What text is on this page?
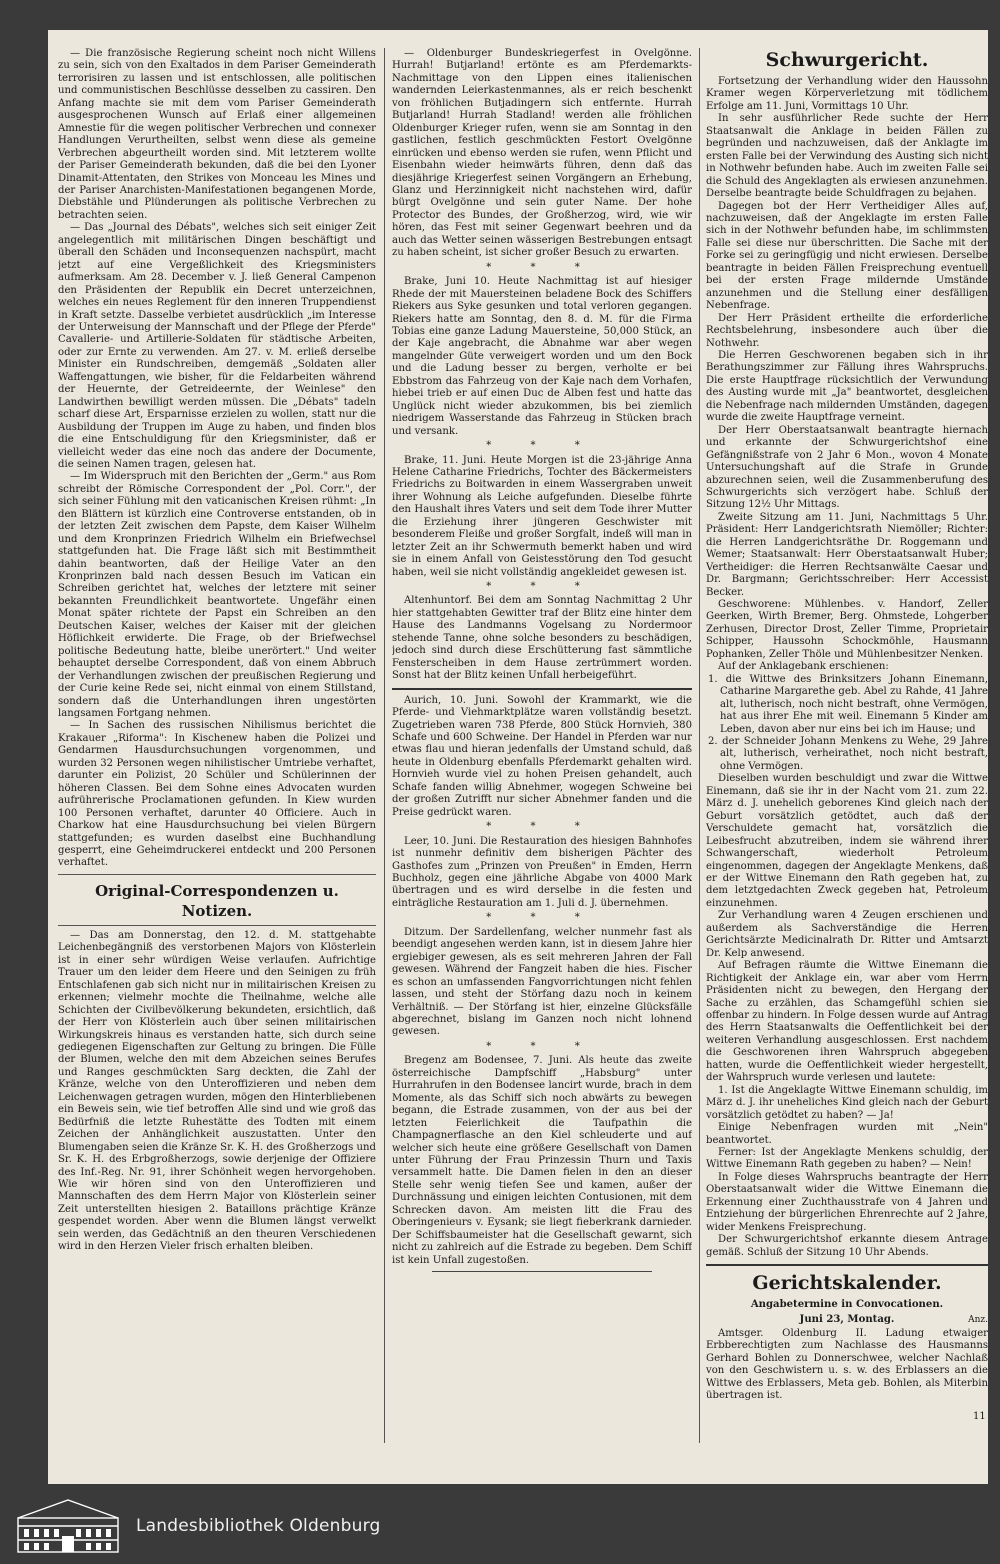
— Die französische Regierung scheint noch nicht Willens zu sein, sich von den Exaltados in dem Pariser Gemeinderath terrorisiren zu lassen und ist entschlossen, alle politischen und communistischen Beschlüsse desselben zu cassiren. Den Anfang machte sie mit dem vom Pariser Gemeinderath ausgesprochenen Wunsch auf Erlaß einer allgemeinen Amnestie für die wegen politischer Verbrechen und connexer Handlungen Verurtheilten, selbst wenn diese als gemeine Verbrechen abgeurtheilt worden sind. Mit letzterem wollte der Pariser Gemeinderath bekunden, daß die bei den Lyoner Dinamit-Attentaten, den Strikes von Monceau les Mines und der Pariser Anarchisten-Manifestationen begangenen Morde, Diebstähle und Plünderungen als politische Verbrechen zu betrachten seien.

— Das „Journal des Débats", welches sich seit einiger Zeit angelegentlich mit militärischen Dingen beschäftigt und überall den Schäden und Inconsequenzen nachspürt, macht jetzt auf eine Vergeßlichkeit des Kriegsministers aufmerksam. Am 28. December v. J. ließ General Campenon den Präsidenten der Republik ein Decret unterzeichnen, welches ein neues Reglement für den inneren Truppendienst in Kraft setzte. Dasselbe verbietet ausdrücklich „im Interesse der Unterweisung der Mannschaft und der Pflege der Pferde" Cavallerie- und Artillerie-Soldaten für städtische Arbeiten, oder zur Ernte zu verwenden. Am 27. v. M. erließ derselbe Minister ein Rundschreiben, demgemäß „Soldaten aller Waffengattungen, wie bisher, für die Feldarbeiten während der Heuernte, der Getreideernte, der Weinlese" den Landwirthen bewilligt werden müssen. Die „Débats" tadeln scharf diese Art, Ersparnisse erzielen zu wollen, statt nur die Ausbildung der Truppen im Auge zu haben, und finden blos die eine Entschuldigung für den Kriegsminister, daß er vielleicht weder das eine noch das andere der Documente, die seinen Namen tragen, gelesen hat.

— Im Widerspruch mit den Berichten der „Germ." aus Rom schreibt der Römische Correspondent der „Pol. Corr.", der sich seiner Fühlung mit den vaticanischen Kreisen rühmt: „In den Blättern ist kürzlich eine Controverse entstanden, ob in der letzten Zeit zwischen dem Papste, dem Kaiser Wilhelm und dem Kronprinzen Friedrich Wilhelm ein Briefwechsel stattgefunden hat. Die Frage läßt sich mit Bestimmtheit dahin beantworten, daß der Heilige Vater an den Kronprinzen bald nach dessen Besuch im Vatican ein Schreiben gerichtet hat, welches der letztere mit seiner bekannten Freundlichkeit beantwortete. Ungefähr einen Monat später richtete der Papst ein Schreiben an den Deutschen Kaiser, welches der Kaiser mit der gleichen Höflichkeit erwiderte. Die Frage, ob der Briefwechsel politische Bedeutung hatte, bleibe unerörtert." Und weiter behauptet derselbe Correspondent, daß von einem Abbruch der Verhandlungen zwischen der preußischen Regierung und der Curie keine Rede sei, nicht einmal von einem Stillstand, sondern daß die Unterhandlungen ihren ungestörten langsamen Fortgang nehmen.

— In Sachen des russischen Nihilismus berichtet die Krakauer „Riforma": In Kischenew haben die Polizei und Gendarmen Hausdurchsuchungen vorgenommen, und wurden 32 Personen wegen nihilistischer Umtriebe verhaftet, darunter ein Polizist, 20 Schüler und Schülerinnen der höheren Classen. Bei dem Sohne eines Advocaten wurden aufrührerische Proclamationen gefunden. In Kiew wurden 100 Personen verhaftet, darunter 40 Officiere. Auch in Charkow hat eine Hausdurchsuchung bei vielen Bürgern stattgefunden; es wurden daselbst eine Buchhandlung gesperrt, eine Geheimdruckerei entdeckt und 200 Personen verhaftet.

Original-Correspondenzen u. Notizen.

— Das am Donnerstag, den 12. d. M. stattgehabte Leichenbegängniß des verstorbenen Majors von Klösterlein ist in einer sehr würdigen Weise verlaufen. Aufrichtige Trauer um den leider dem Heere und den Seinigen zu früh Entschlafenen gab sich nicht nur in militairischen Kreisen zu erkennen; vielmehr mochte die Theilnahme, welche alle Schichten der Civilbevölkerung bekundeten, ersichtlich, daß der Herr von Klösterlein auch über seinen militairischen Wirkungskreis hinaus es verstanden hatte, sich durch seine gediegenen Eigenschaften zur Geltung zu bringen. Die Fülle der Blumen, welche den mit dem Abzeichen seines Berufes und Ranges geschmückten Sarg deckten, die Zahl der Kränze, welche von den Unteroffizieren und neben dem Leichenwagen getragen wurden, mögen den Hinterbliebenen ein Beweis sein, wie tief betroffen Alle sind und wie groß das Bedürfniß die letzte Ruhestätte des Todten mit einem Zeichen der Anhänglichkeit auszustatten. Unter den Blumengaben seien die Kränze Sr. K. H. des Großherzogs und Sr. K. H. des Erbgroßherzogs, sowie derjenige der Offiziere des Inf.-Reg. Nr. 91, ihrer Schönheit wegen hervorgehoben. Wie wir hören sind von den Unteroffizieren und Mannschaften des dem Herrn Major von Klösterlein seiner Zeit unterstellten hiesigen 2. Bataillons prächtige Kränze gespendet worden. Aber wenn die Blumen längst verwelkt sein werden, das Gedächtniß an den theuren Verschiedenen wird in den Herzen Vieler frisch erhalten bleiben.

— Oldenburger Bundeskriegerfest in Ovelgönne. Hurrah! Butjarland! ertönte es am Pferdemarkts-Nachmittage von den Lippen eines italienischen wandernden Leierkastenmannes, als er reich beschenkt von fröhlichen Butjadingern sich entfernte. Hurrah Butjarland! Hurrah Stadland! werden alle fröhlichen Oldenburger Krieger rufen, wenn sie am Sonntag in den gastlichen, festlich geschmückten Festort Ovelgönne einrücken und ebenso werden sie rufen, wenn Pflicht und Eisenbahn wieder heimwärts führen, denn daß das diesjährige Kriegerfest seinen Vorgängern an Erhebung, Glanz und Herzinnigkeit nicht nachstehen wird, dafür bürgt Ovelgönne und sein guter Name. Der hohe Protector des Bundes, der Großherzog, wird, wie wir hören, das Fest mit seiner Gegenwart beehren und da auch das Wetter seinen wässerigen Bestrebungen entsagt zu haben scheint, ist sicher großer Besuch zu erwarten.

* * *

Brake, Juni 10. Heute Nachmittag ist auf hiesiger Rhede der mit Mauersteinen beladene Bock des Schiffers Riekers aus Syke gesunken und total verloren gegangen. Riekers hatte am Sonntag, den 8. d. M. für die Firma Tobias eine ganze Ladung Mauersteine, 50,000 Stück, an der Kaje angebracht, die Abnahme war aber wegen mangelnder Güte verweigert worden und um den Bock und die Ladung besser zu bergen, verholte er bei Ebbstrom das Fahrzeug von der Kaje nach dem Vorhafen, hiebei trieb er auf einen Duc de Alben fest und hatte das Unglück nicht wieder abzukommen, bis bei ziemlich niedrigem Wasserstande das Fahrzeug in Stücken brach und versank.

* * *

Brake, 11. Juni. Heute Morgen ist die 23-jährige Anna Helene Catharine Friedrichs, Tochter des Bäckermeisters Friedrichs zu Boitwarden in einem Wassergraben unweit ihrer Wohnung als Leiche aufgefunden. Dieselbe führte den Haushalt ihres Vaters und seit dem Tode ihrer Mutter die Erziehung ihrer jüngeren Geschwister mit besonderem Fleiße und großer Sorgfalt, indeß will man in letzter Zeit an ihr Schwermuth bemerkt haben und wird sie in einem Anfall von Geistesstörung den Tod gesucht haben, weil sie nicht vollständig angekleidet gewesen ist.

* * *

Altenhuntorf. Bei dem am Sonntag Nachmittag 2 Uhr hier stattgehabten Gewitter traf der Blitz eine hinter dem Hause des Landmanns Vogelsang zu Nordermoor stehende Tanne, ohne solche besonders zu beschädigen, jedoch sind durch diese Erschütterung fast sämmtliche Fensterscheiben in dem Hause zertrümmert worden. Sonst hat der Blitz keinen Unfall herbeigeführt.

Aurich, 10. Juni. Sowohl der Krammarkt, wie die Pferde- und Viehmarktplätze waren vollständig besetzt. Zugetrieben waren 738 Pferde, 800 Stück Hornvieh, 380 Schafe und 600 Schweine. Der Handel in Pferden war nur etwas flau und hieran jedenfalls der Umstand schuld, daß heute in Oldenburg ebenfalls Pferdemarkt gehalten wird. Hornvieh wurde viel zu hohen Preisen gehandelt, auch Schafe fanden willig Abnehmer, wogegen Schweine bei der großen Zutrifft nur sicher Abnehmer fanden und die Preise gedrückt waren.

* * *

Leer, 10. Juni. Die Restauration des hiesigen Bahnhofes ist nunmehr definitiv dem bisherigen Pächter des Gasthofes zum „Prinzen von Preußen" in Emden, Herrn Buchholz, gegen eine jährliche Abgabe von 4000 Mark übertragen und es wird derselbe in die festen und einträgliche Restauration am 1. Juli d. J. übernehmen.

* * *

Ditzum. Der Sardellenfang, welcher nunmehr fast als beendigt angesehen werden kann, ist in diesem Jahre hier ergiebiger gewesen, als es seit mehreren Jahren der Fall gewesen. Während der Fangzeit haben die hies. Fischer es schon an umfassenden Fangvorrichtungen nicht fehlen lassen, und steht der Störfang dazu noch in keinem Verhältniß. — Der Störfang ist hier, einzelne Glücksfälle abgerechnet, bislang im Ganzen noch nicht lohnend gewesen.

* * *

Bregenz am Bodensee, 7. Juni. Als heute das zweite österreichische Dampfschiff „Habsburg" unter Hurrahrufen in den Bodensee lancirt wurde, brach in dem Momente, als das Schiff sich noch abwärts zu bewegen begann, die Estrade zusammen, von der aus bei der letzten Feierlichkeit die Taufpathin die Champagnerflasche an den Kiel schleuderte und auf welcher sich heute eine größere Gesellschaft von Damen unter Führung der Frau Prinzessin Thurn und Taxis versammelt hatte. Die Damen fielen in den an dieser Stelle sehr wenig tiefen See und kamen, außer der Durchnässung und einigen leichten Contusionen, mit dem Schrecken davon. Am meisten litt die Frau des Oberingenieurs v. Eysank; sie liegt fieberkrank darnieder. Der Schiffsbaumeister hat die Gesellschaft gewarnt, sich nicht zu zahlreich auf die Estrade zu begeben. Dem Schiff ist kein Unfall zugestoßen.

Schwurgericht.

Fortsetzung der Verhandlung wider den Haussohn Kramer wegen Körperverletzung mit tödlichem Erfolge am 11. Juni, Vormittags 10 Uhr.

In sehr ausführlicher Rede suchte der Herr Staatsanwalt die Anklage in beiden Fällen zu begründen und nachzuweisen, daß der Anklagte im ersten Falle bei der Verwindung des Austing sich nicht in Nothwehr befunden habe. Auch im zweiten Falle sei die Schuld des Angeklagten als erwiesen anzunehmen. Derselbe beantragte beide Schuldfragen zu bejahen.

Dagegen bot der Herr Vertheidiger Alles auf, nachzuweisen, daß der Angeklagte im ersten Falle sich in der Nothwehr befunden habe, im schlimmsten Falle sei diese nur überschritten. Die Sache mit der Forke sei zu geringfügig und nicht erwiesen. Derselbe beantragte in beiden Fällen Freisprechung eventuell bei der ersten Frage mildernde Umstände anzunehmen und die Stellung einer desfälligen Nebenfrage.

Der Herr Präsident ertheilte die erforderliche Rechtsbelehrung, insbesondere auch über die Nothwehr.

Die Herren Geschworenen begaben sich in ihr Berathungszimmer zur Fällung ihres Wahrspruchs. Die erste Hauptfrage rücksichtlich der Verwundung des Austing wurde mit „Ja" beantwortet, desgleichen die Nebenfrage nach mildernden Umständen, dagegen wurde die zweite Hauptfrage verneint.

Der Herr Oberstaatsanwalt beantragte hiernach und erkannte der Schwurgerichtshof eine Gefängnißstrafe von 2 Jahr 6 Mon., wovon 4 Monate Untersuchungshaft auf die Strafe in Grunde abzurechnen seien, weil die Zusammenberufung des Schwurgerichts sich verzögert habe. Schluß der Sitzung 12½ Uhr Mittags.

Zweite Sitzung am 11. Juni, Nachmittags 5 Uhr. Präsident: Herr Landgerichtsrath Niemöller; Richter: die Herren Landgerichtsräthe Dr. Roggemann und Wemer; Staatsanwalt: Herr Oberstaatsanwalt Huber; Vertheidiger: die Herren Rechtsanwälte Caesar und Dr. Bargmann; Gerichtsschreiber: Herr Accessist Becker.

Geschworene: Mühlenbes. v. Handorf, Zeller Geerken, Wirth Bremer, Berg. Ohmstede, Lohgerber Zerhusen, Director Drost, Zeller Timme, Proprietair Schipper, Haussohn Schockmöhle, Hausmann Pophanken, Zeller Thöle und Mühlenbesitzer Nenken.

Auf der Anklagebank erschienen:

1. die Wittwe des Brinksitzers Johann Einemann, Catharine Margarethe geb. Abel zu Rahde, 41 Jahre alt, lutherisch, noch nicht bestraft, ohne Vermögen, hat aus ihrer Ehe mit weil. Einemann 5 Kinder am Leben, davon aber nur eins bei ich im Hause; und

2. der Schneider Johann Menkens zu Wehe, 29 Jahre alt, lutherisch, verheirathet, noch nicht bestraft, ohne Vermögen.

Dieselben wurden beschuldigt und zwar die Wittwe Einemann, daß sie ihr in der Nacht vom 21. zum 22. März d. J. unehelich geborenes Kind gleich nach der Geburt vorsätzlich getödtet, auch daß der Verschuldete gemacht hat, vorsätzlich die Leibesfrucht abzutreiben, indem sie während ihrer Schwangerschaft, wiederholt Petroleum eingenommen, dagegen der Angeklagte Menkens, daß er der Wittwe Einemann den Rath gegeben hat, zu dem letztgedachten Zweck gegeben hat, Petroleum einzunehmen.

Zur Verhandlung waren 4 Zeugen erschienen und außerdem als Sachverständige die Herren Gerichtsärzte Medicinalrath Dr. Ritter und Amtsarzt Dr. Kelp anwesend.

Auf Befragen räumte die Wittwe Einemann die Richtigkeit der Anklage ein, war aber vom Herrn Präsidenten nicht zu bewegen, den Hergang der Sache zu erzählen, das Schamgefühl schien sie offenbar zu hindern. In Folge dessen wurde auf Antrag des Herrn Staatsanwalts die Oeffentlichkeit bei der weiteren Verhandlung ausgeschlossen. Erst nachdem die Geschworenen ihren Wahrspruch abgegeben hatten, wurde die Oeffentlichkeit wieder hergestellt, der Wahrspruch wurde verlesen und lautete:

1. Ist die Angeklagte Wittwe Einemann schuldig, im März d. J. ihr uneheliches Kind gleich nach der Geburt vorsätzlich getödtet zu haben? — Ja!

Einige Nebenfragen wurden mit „Nein" beantwortet.

Ferner: Ist der Angeklagte Menkens schuldig, der Wittwe Einemann Rath gegeben zu haben? — Nein!

In Folge dieses Wahrspruchs beantragte der Herr Oberstaatsanwalt wider die Wittwe Einemann die Erkennung einer Zuchthausstrafe von 4 Jahren und Entziehung der bürgerlichen Ehrenrechte auf 2 Jahre, wider Menkens Freisprechung.

Der Schwurgerichtshof erkannte diesem Antrage gemäß. Schluß der Sitzung 10 Uhr Abends.

Gerichtskalender.
Angabetermine in Convocationen.
Juni 23, Montag.	Anz.

Amtsger. Oldenburg II. Ladung etwaiger Erbberechtigten zum Nachlasse des Hausmanns Gerhard Bohlen zu Donnerschwee, welcher Nachlaß von den Geschwistern u. s. w. des Erblassers an die Wittwe des Erblassers, Meta geb. Bohlen, als Miterbin übertragen ist.

11
Landesbibliothek Oldenburg
